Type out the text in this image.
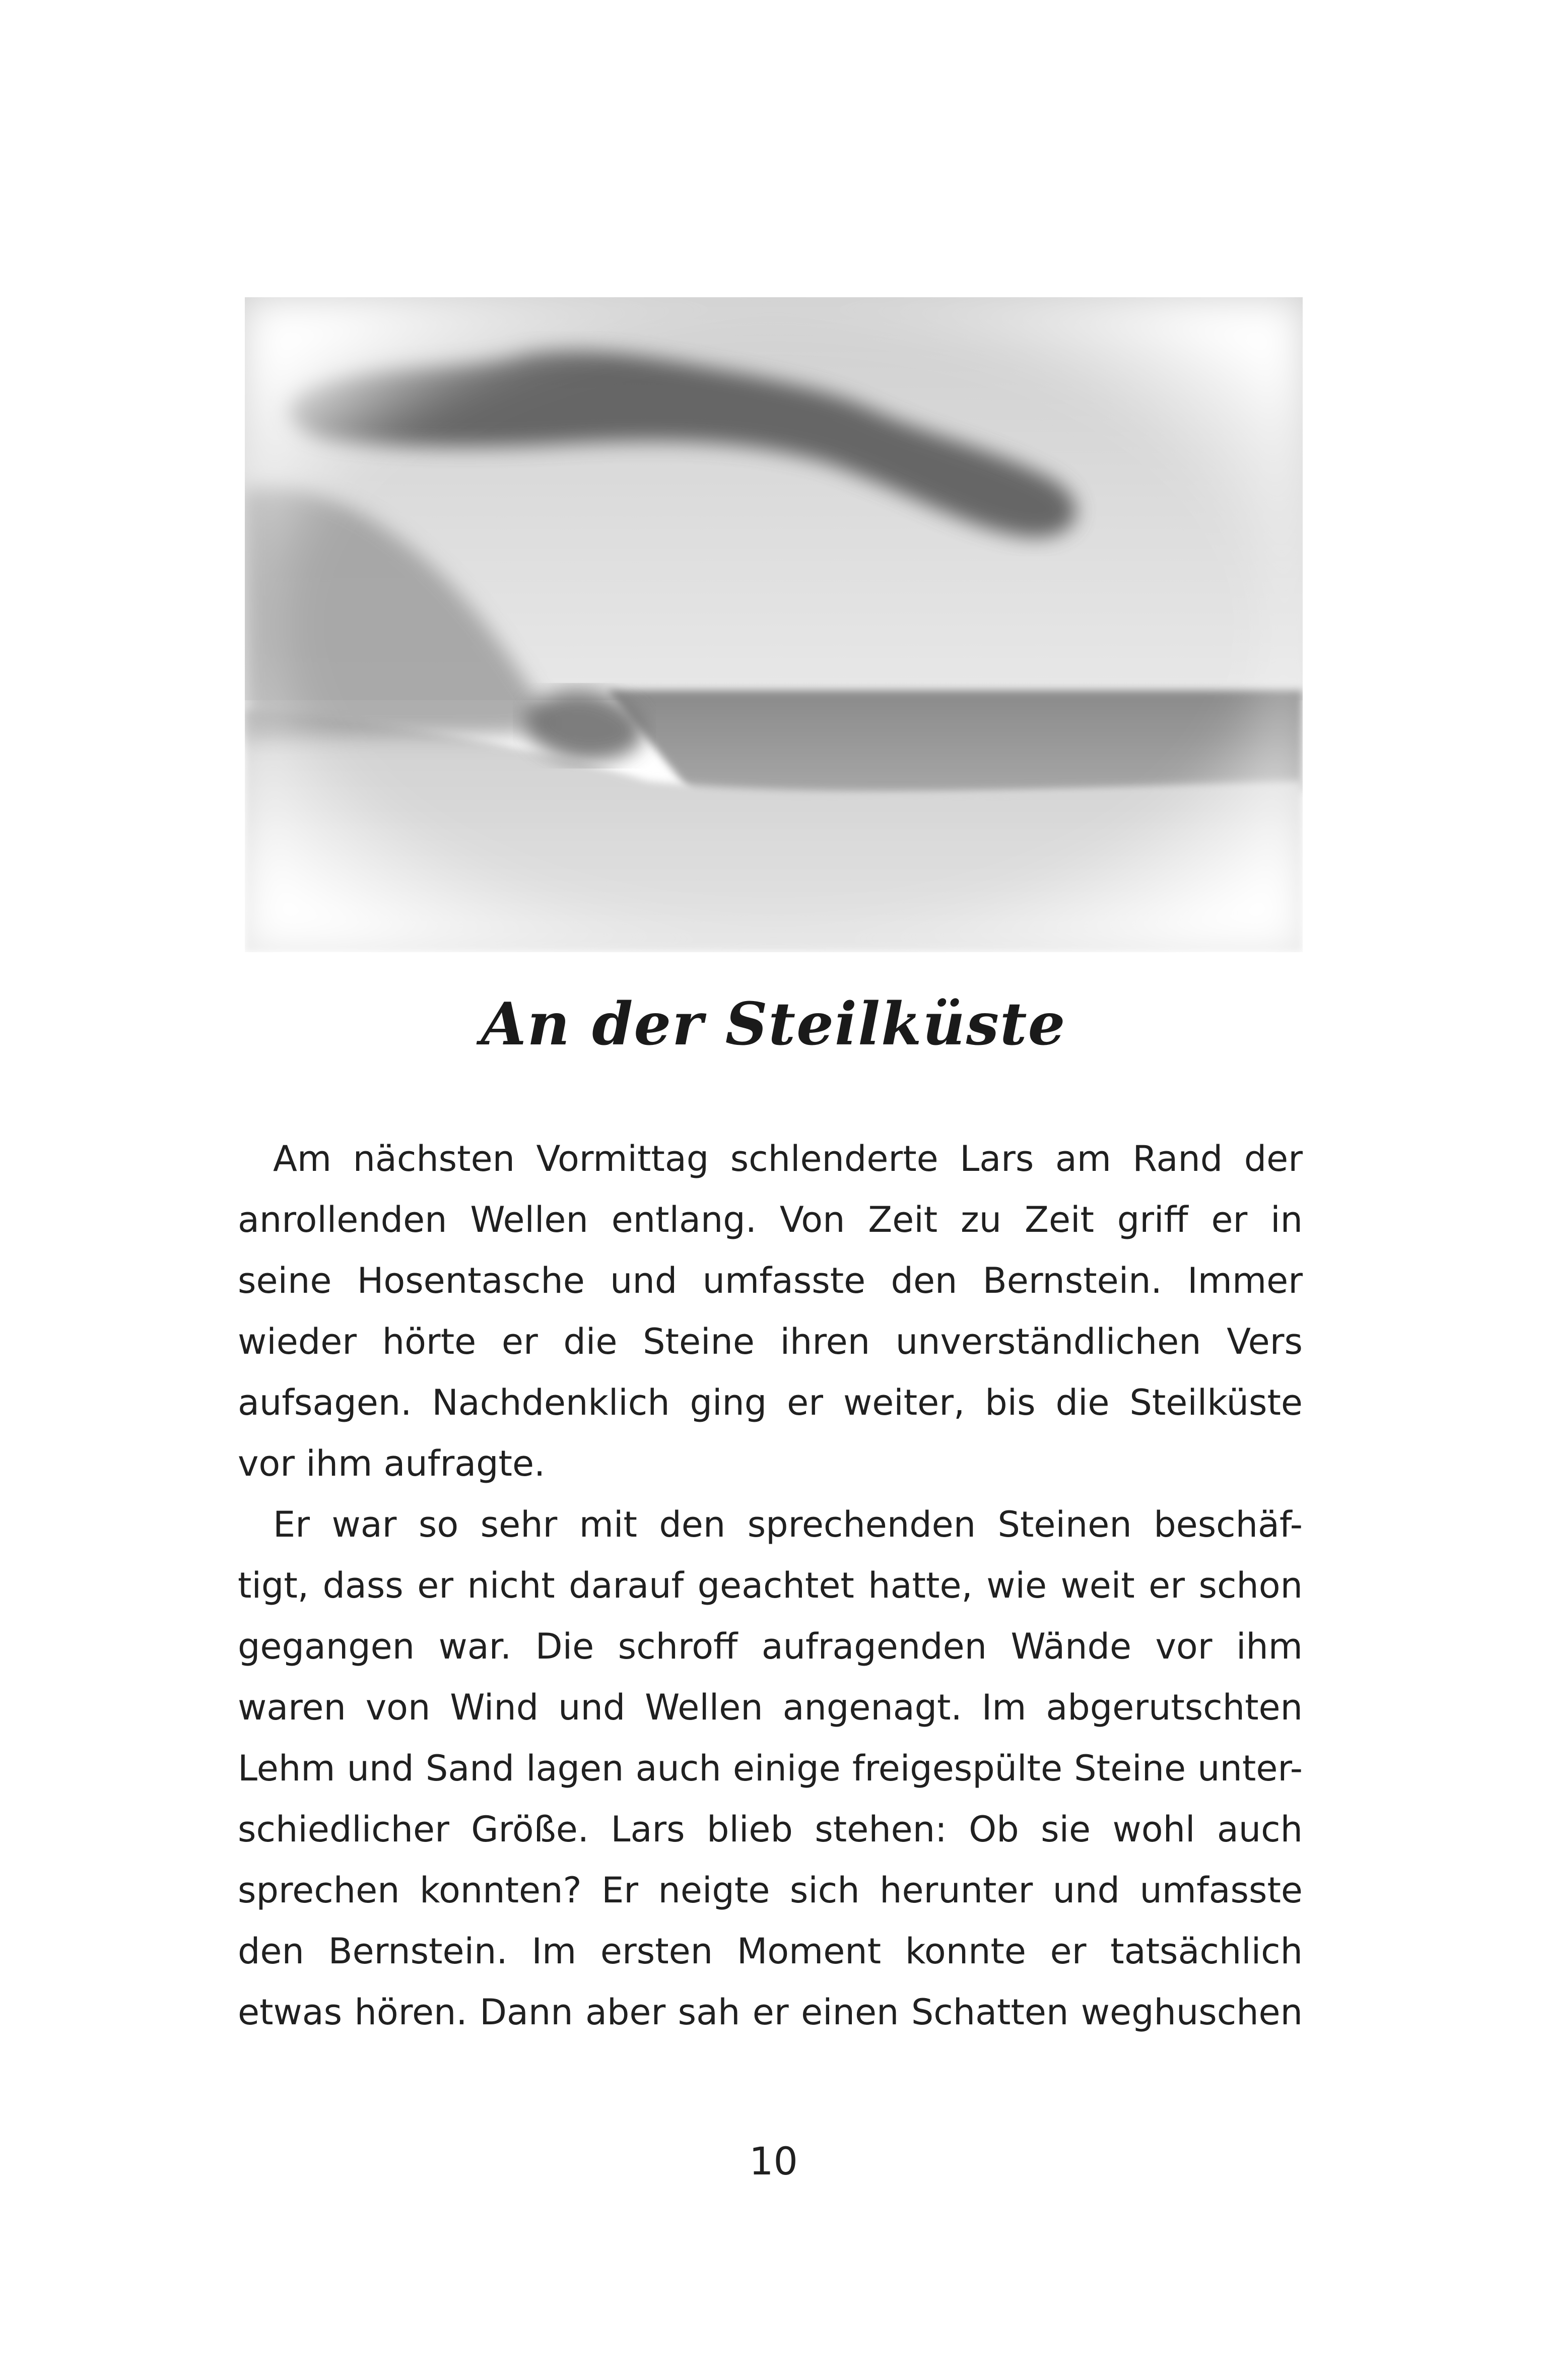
An der Steilküste

Am nächsten Vormittag schlenderte Lars am Rand der
anrollenden Wellen entlang. Von Zeit zu Zeit griff er in
seine Hosentasche und umfasste den Bernstein. Immer
wieder hörte er die Steine ihren unverständlichen Vers
aufsagen. Nachdenklich ging er weiter, bis die Steilküste
vor ihm aufragte.

Er war so sehr mit den sprechenden Steinen beschäf-
tigt, dass er nicht darauf geachtet hatte, wie weit er schon
gegangen war. Die schroff aufragenden Wände vor ihm
waren von Wind und Wellen angenagt. Im abgerutschten
Lehm und Sand lagen auch einige freigespülte Steine unter-
schiedlicher Größe. Lars blieb stehen: Ob sie wohl auch
sprechen konnten? Er neigte sich herunter und umfasste
den Bernstein. Im ersten Moment konnte er tatsächlich
etwas hören. Dann aber sah er einen Schatten weghuschen

10
